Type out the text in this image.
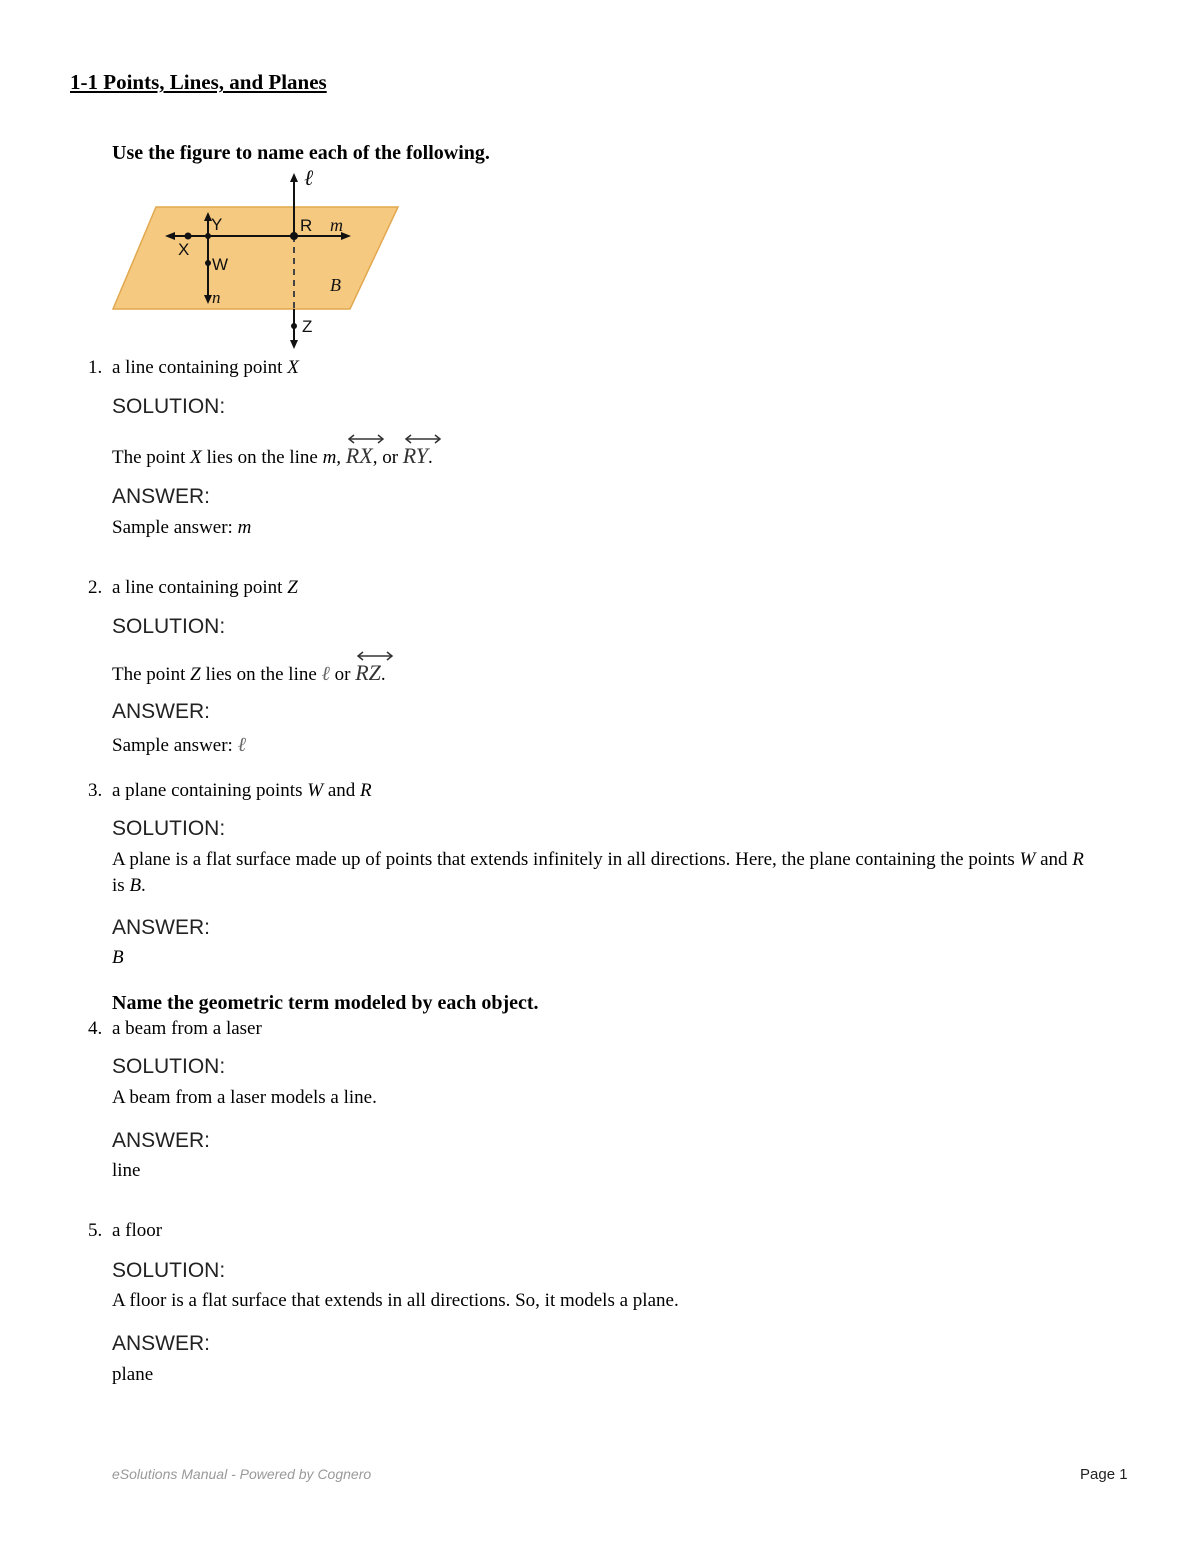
1-1 Points, Lines, and Planes
Use the figure to name each of the following.
ℓ
Y	R m
X
W
B
n
Z
1. a line containing point X
SOLUTION:
The point X lies on the line m, RX, or
RY.
ANSWER:
Sample answer: m
2. a line containing point Z
SOLUTION:
The point Z lies on the line ℓ or
RZ.
ANSWER:
Sample answer: ℓ
3. a plane containing points W and R
SOLUTION:
A plane is a flat surface made up of points that extends infinitely in all directions. Here, the plane containing the points W and R is B.
ANSWER:
B
Name the geometric term modeled by each object.
4. a beam from a laser
SOLUTION:
A beam from a laser models a line.
ANSWER:
line
5. a floor
SOLUTION:
A floor is a flat surface that extends in all directions. So, it models a plane.
ANSWER:
plane
eSolutions Manual - Powered by Cognero	Page 1
